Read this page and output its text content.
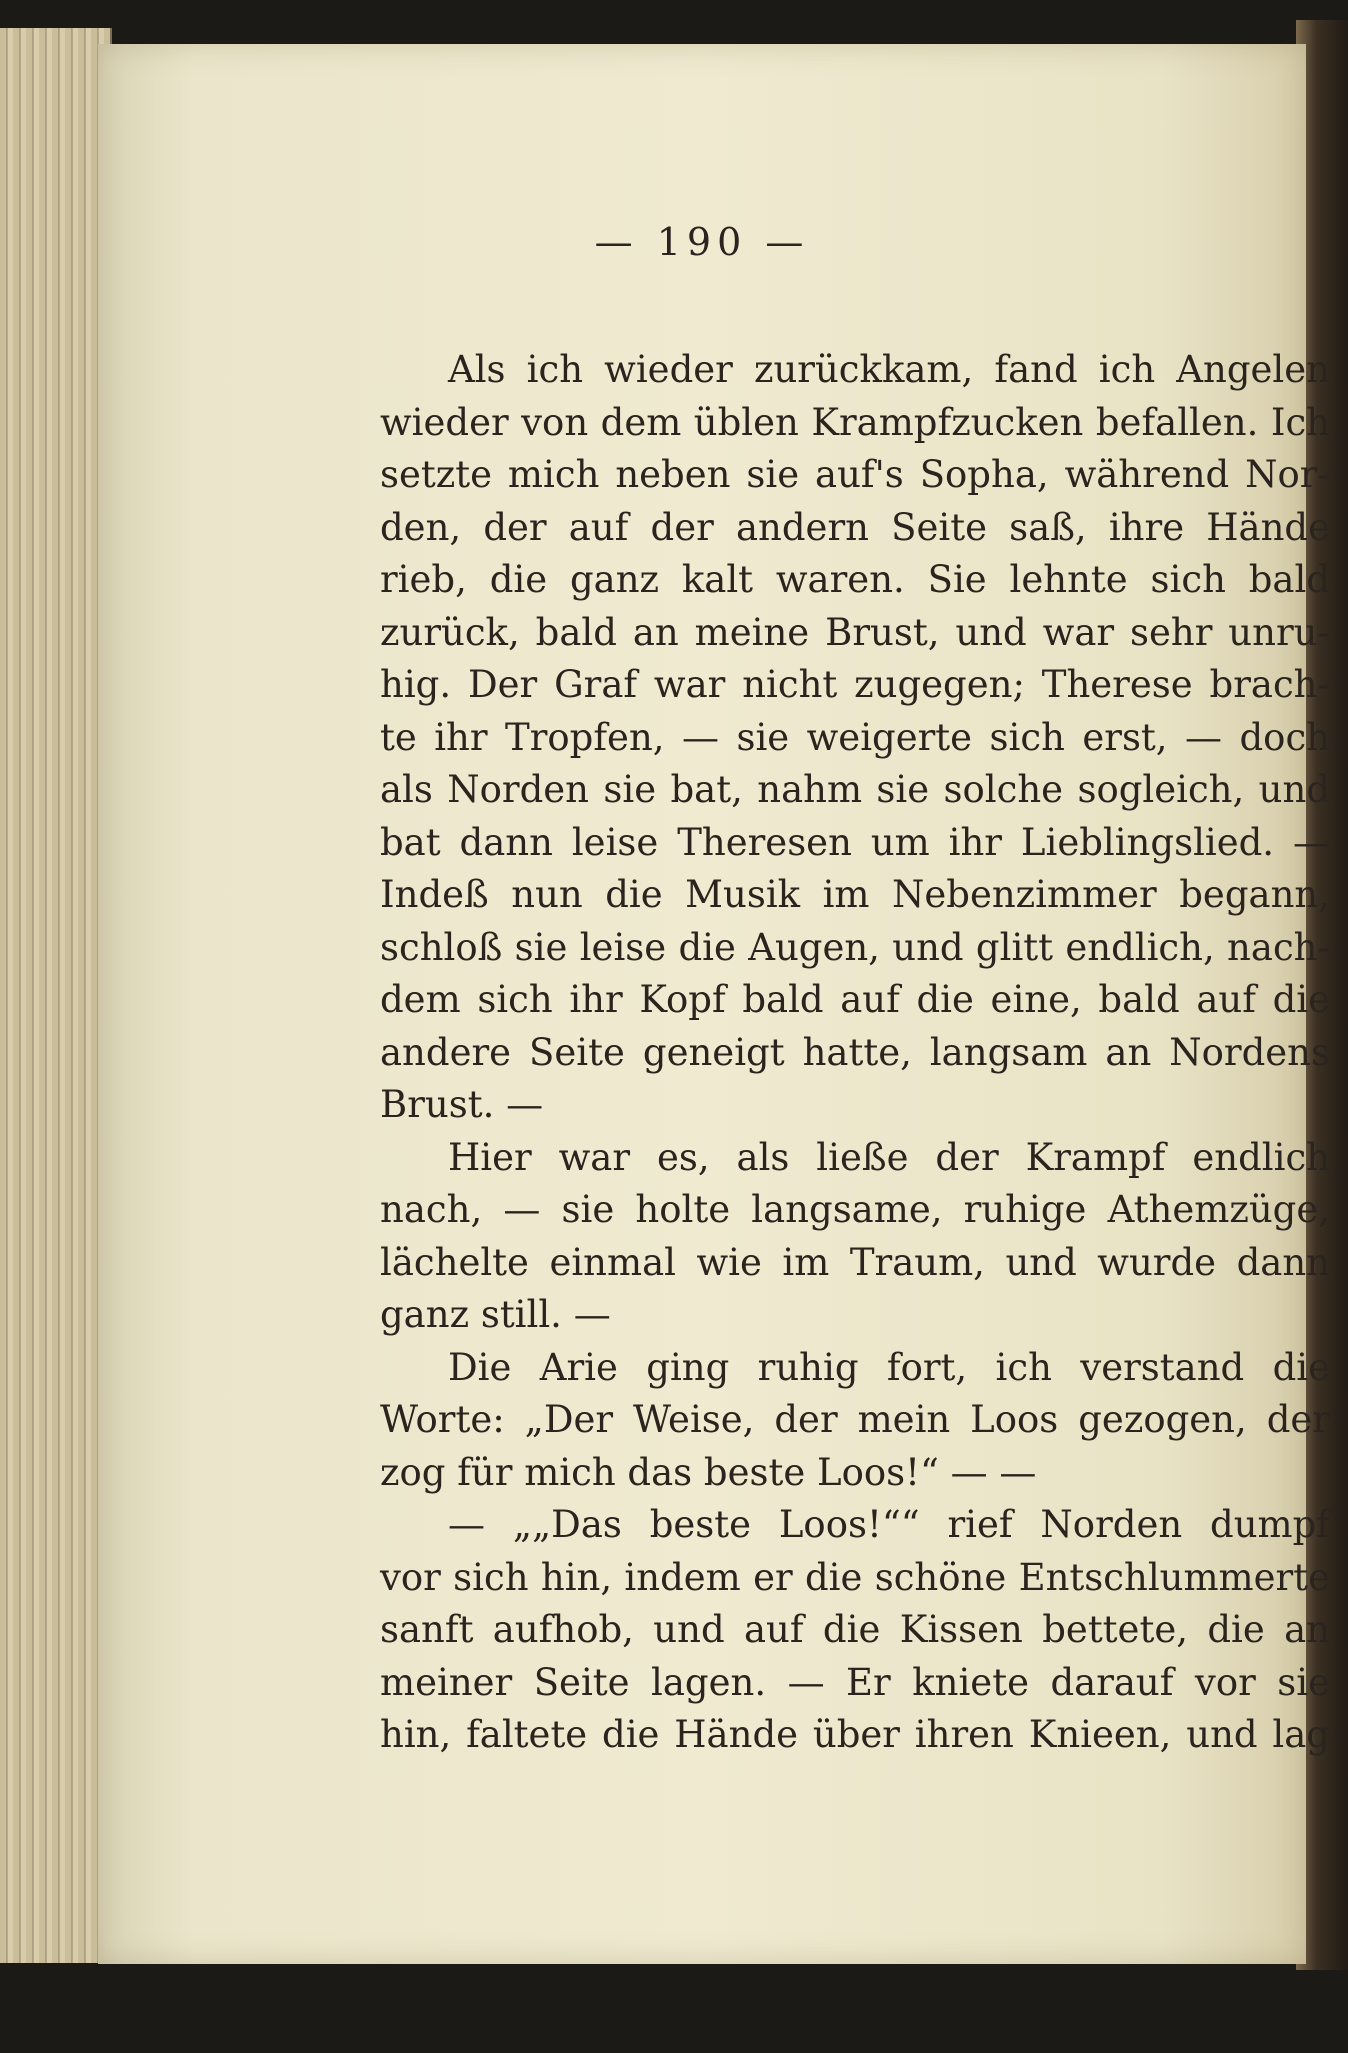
— 190 —
Als ich wieder zurückkam, fand ich Angelen
wieder von dem üblen Krampfzucken befallen. Ich
setzte mich neben sie auf's Sopha, während Nor-
den, der auf der andern Seite saß, ihre Hände
rieb, die ganz kalt waren. Sie lehnte sich bald
zurück, bald an meine Brust, und war sehr unru-
hig. Der Graf war nicht zugegen; Therese brach-
te ihr Tropfen, — sie weigerte sich erst, — doch
als Norden sie bat, nahm sie solche sogleich, und
bat dann leise Theresen um ihr Lieblingslied. —
Indeß nun die Musik im Nebenzimmer begann,
schloß sie leise die Augen, und glitt endlich, nach-
dem sich ihr Kopf bald auf die eine, bald auf die
andere Seite geneigt hatte, langsam an Nordens
Brust. —
Hier war es, als ließe der Krampf endlich
nach, — sie holte langsame, ruhige Athemzüge,
lächelte einmal wie im Traum, und wurde dann
ganz still. —
Die Arie ging ruhig fort, ich verstand die
Worte: „Der Weise, der mein Loos gezogen, der
zog für mich das beste Loos!“ — —
— „„Das beste Loos!““ rief Norden dumpf
vor sich hin, indem er die schöne Entschlummerte
sanft aufhob, und auf die Kissen bettete, die an
meiner Seite lagen. — Er kniete darauf vor sie
hin, faltete die Hände über ihren Knieen, und lag
